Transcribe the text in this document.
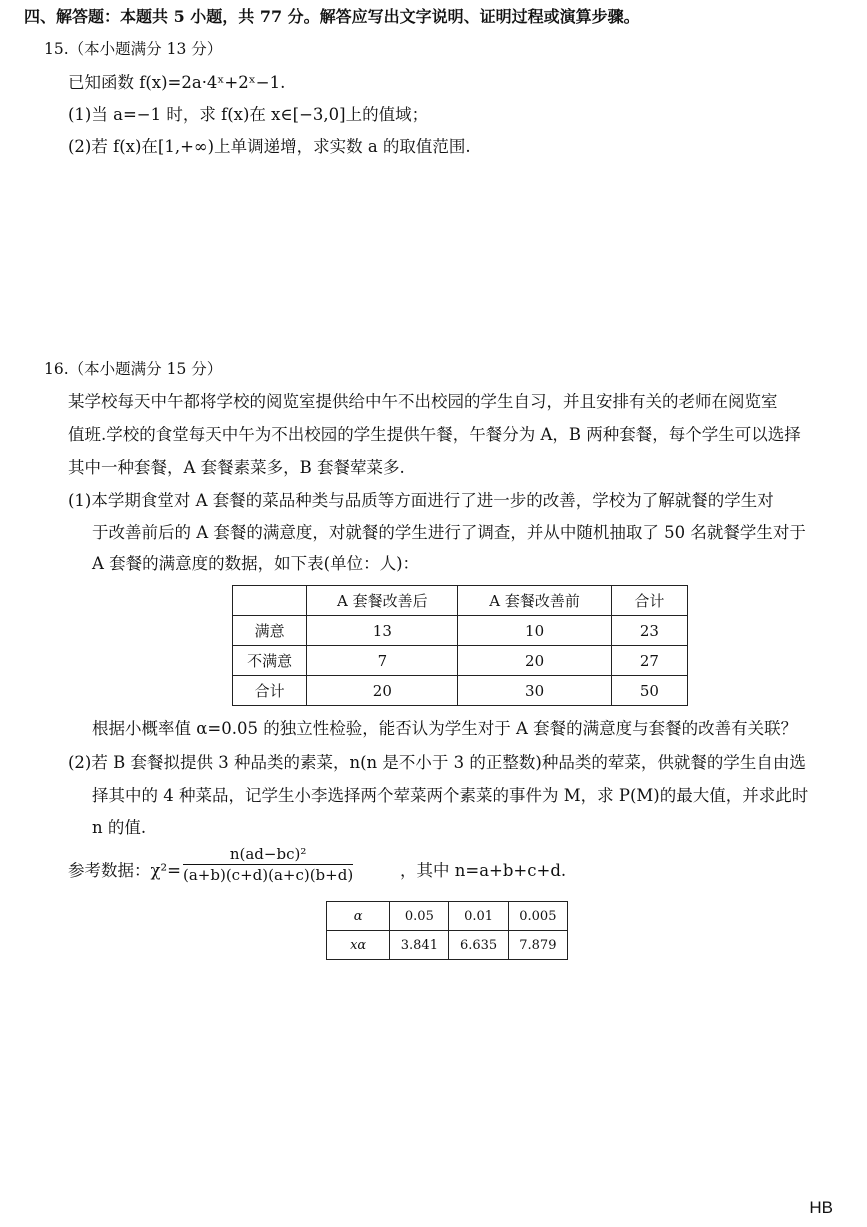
四、解答题：本题共 5 小题，共 77 分。解答应写出文字说明、证明过程或演算步骤。
15.（本小题满分 13 分）
已知函数 f(x)=2a·4ˣ+2ˣ−1.
(1)当 a=−1 时，求 f(x)在 x∈[−3,0]上的值域；
(2)若 f(x)在[1,+∞)上单调递增，求实数 a 的取值范围.
16.（本小题满分 15 分）
某学校每天中午都将学校的阅览室提供给中午不出校园的学生自习，并且安排有关的老师在阅览室
值班.学校的食堂每天中午为不出校园的学生提供午餐，午餐分为 A，B 两种套餐，每个学生可以选择
其中一种套餐，A 套餐素菜多，B 套餐荤菜多.
(1)本学期食堂对 A 套餐的菜品种类与品质等方面进行了进一步的改善，学校为了解就餐的学生对
于改善前后的 A 套餐的满意度，对就餐的学生进行了调查，并从中随机抽取了 50 名就餐学生对于
A 套餐的满意度的数据，如下表(单位：人)：
	A 套餐改善后	A 套餐改善前	合计
满意	13	10	23
不满意	7	20	27
合计	20	30	50
根据小概率值 α=0.05 的独立性检验，能否认为学生对于 A 套餐的满意度与套餐的改善有关联？
(2)若 B 套餐拟提供 3 种品类的素菜，n(n 是不小于 3 的正整数)种品类的荤菜，供就餐的学生自由选
择其中的 4 种菜品，记学生小李选择两个荤菜两个素菜的事件为 M，求 P(M)的最大值，并求此时
n 的值.
参考数据：$\chi^2= \frac{\text{n(ad−bc)²}}{(a+b)(c+d)(a+c)(b+d)}$	，其中 n=a+b+c+d.
α	0.05	0.01	0.005
xα	3.841	6.635	7.879
HB
